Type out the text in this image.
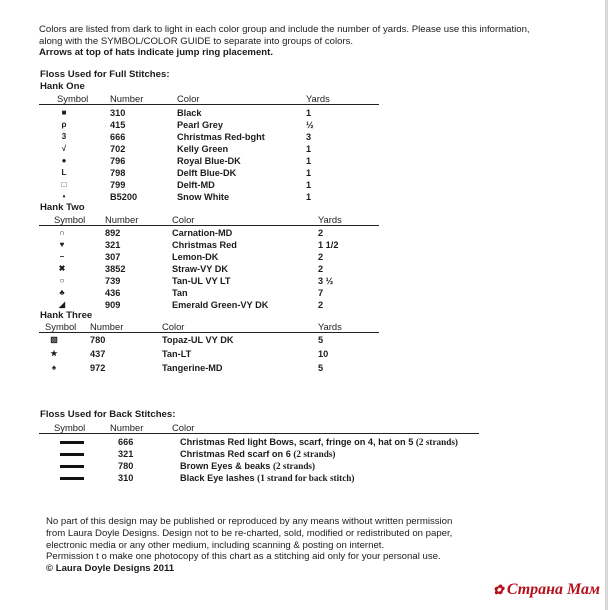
Colors are listed from dark to light in each color group and include the number of yards. Please use this information,
along with the SYMBOL/COLOR GUIDE to separate into groups of colors.
Arrows at top of hats indicate jump ring placement.
Floss Used for Full Stitches:
Hank One
Symbol Number	Color	Yards
■	310	Black	1
ρ	415	Pearl Grey	½
3	666	Christmas Red-bght	3
√	702	Kelly Green	1
●	796	Royal Blue-DK	1
L	798	Delft Blue-DK	1
□	799	Delft-MD	1
•	B5200	Snow White	1
Hank Two
Symbol Number	Color	Yards
∩	892	Carnation-MD	2
♥	321	Christmas Red	1 1/2
–	307	Lemon-DK	2
✖	3852	Straw-VY DK	2
○	739	Tan-UL VY LT	3 ½
♣	436	Tan	7
◢	909	Emerald Green-VY DK	2
Hank Three
Symbol Number	Color	Yards
▧	780	Topaz-UL VY DK	5
★	437	Tan-LT	10
♠	972	Tangerine-MD	5
Floss Used for Back Stitches:
Symbol	Number	Color
666	Christmas Red light Bows, scarf, fringe on 4, hat on 5 (2 strands)
321	Christmas Red scarf on 6 (2 strands)
780	Brown Eyes & beaks (2 strands)
310	Black Eye lashes (1 strand for back stitch)
No part of this design may be published or reproduced by any means without written permission
from Laura Doyle Designs. Design not to be re-charted, sold, modified or redistributed on paper,
electronic media or any other medium, including scanning & posting on internet.
Permission t o make one photocopy of this chart as a stitching aid only for your personal use.
© Laura Doyle Designs 2011
✿ Страна Мам
